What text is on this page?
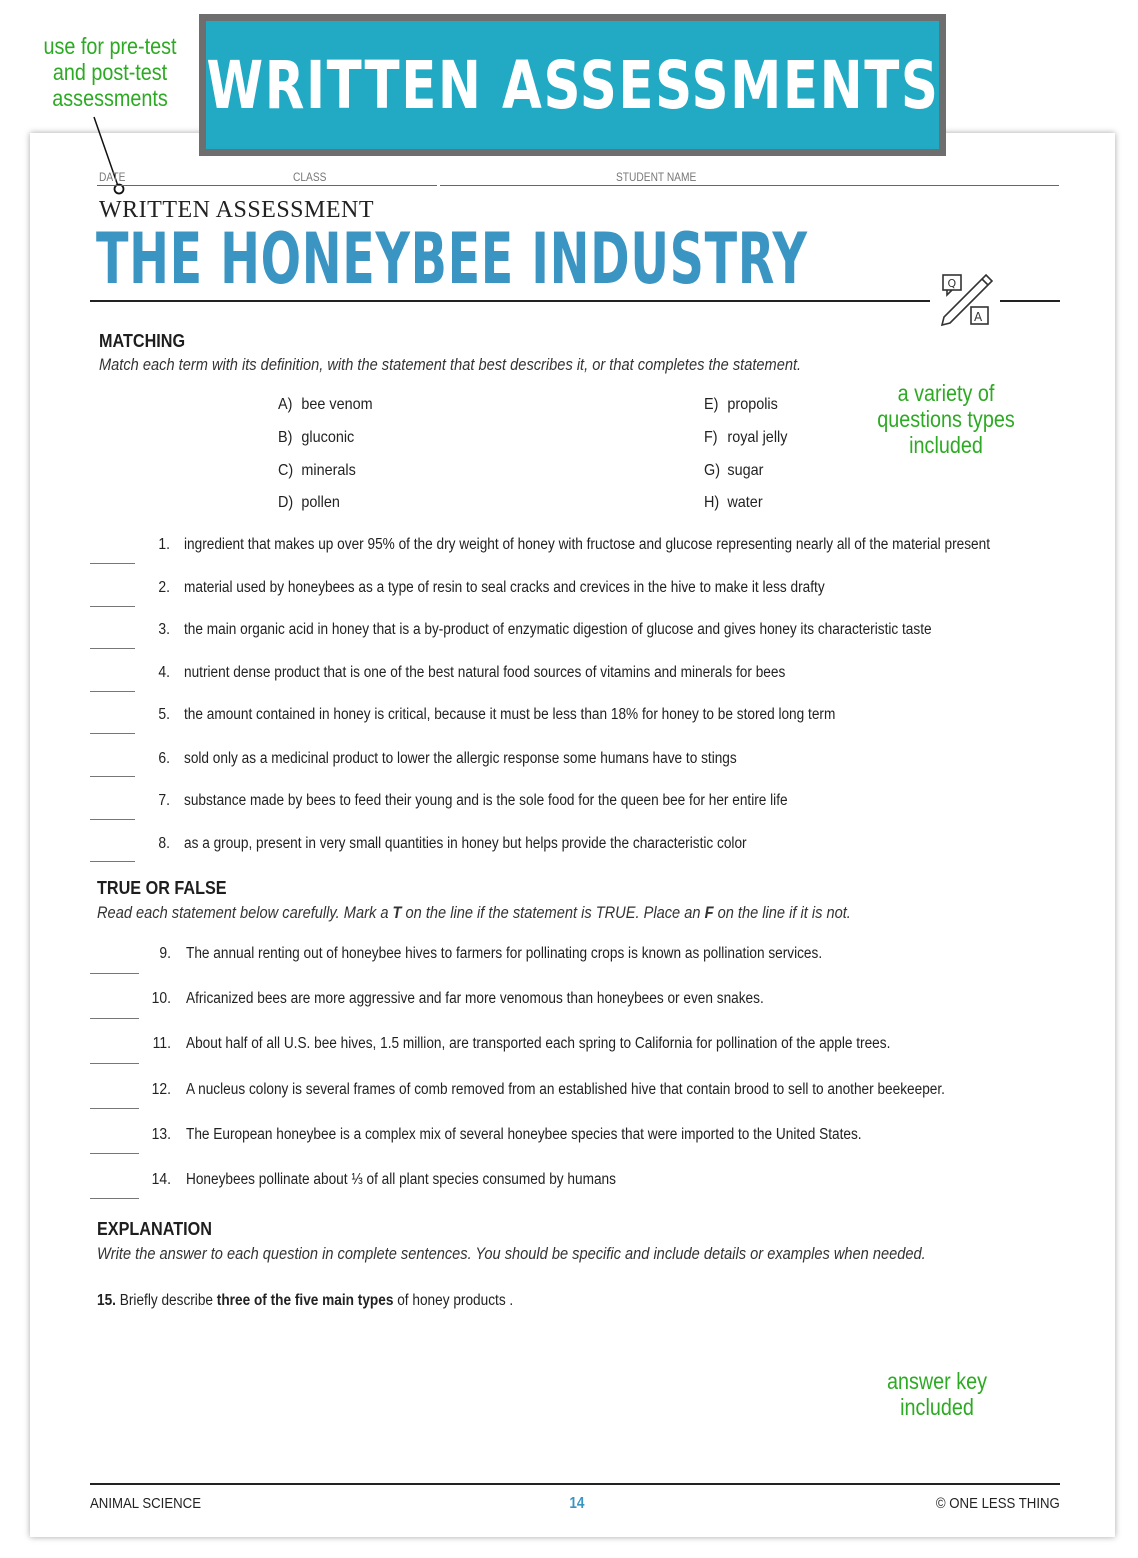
WRITTEN ASSESSMENTS
use for pre-test
and post-test
assessments
a variety of
questions types
included
answer key
included
DATE	CLASS	STUDENT NAME
WRITTEN ASSESSMENT
THE HONEYBEE INDUSTRY	Q
A
MATCHING
Match each term with its definition, with the statement that best describes it, or that completes the statement.
A) bee venom
B) gluconic
C) minerals
D) pollen
E) propolis
F) royal jelly
G) sugar
H) water
1. ingredient that makes up over 95% of the dry weight of honey with fructose and glucose representing nearly all of the material present
2. material used by honeybees as a type of resin to seal cracks and crevices in the hive to make it less drafty
3. the main organic acid in honey that is a by-product of enzymatic digestion of glucose and gives honey its characteristic taste
4. nutrient dense product that is one of the best natural food sources of vitamins and minerals for bees
5. the amount contained in honey is critical, because it must be less than 18% for honey to be stored long term
6. sold only as a medicinal product to lower the allergic response some humans have to stings
7. substance made by bees to feed their young and is the sole food for the queen bee for her entire life
8. as a group, present in very small quantities in honey but helps provide the characteristic color
TRUE OR FALSE
Read each statement below carefully. Mark a T on the line if the statement is TRUE. Place an F on the line if it is not.
9. The annual renting out of honeybee hives to farmers for pollinating crops is known as pollination services.
10. Africanized bees are more aggressive and far more venomous than honeybees or even snakes.
11. About half of all U.S. bee hives, 1.5 million, are transported each spring to California for pollination of the apple trees.
12. A nucleus colony is several frames of comb removed from an established hive that contain brood to sell to another beekeeper.
13. The European honeybee is a complex mix of several honeybee species that were imported to the United States.
14. Honeybees pollinate about ⅓ of all plant species consumed by humans
EXPLANATION
Write the answer to each question in complete sentences. You should be specific and include details or examples when needed.
15. Briefly describe three of the five main types of honey products .
ANIMAL SCIENCE	14	© ONE LESS THING
